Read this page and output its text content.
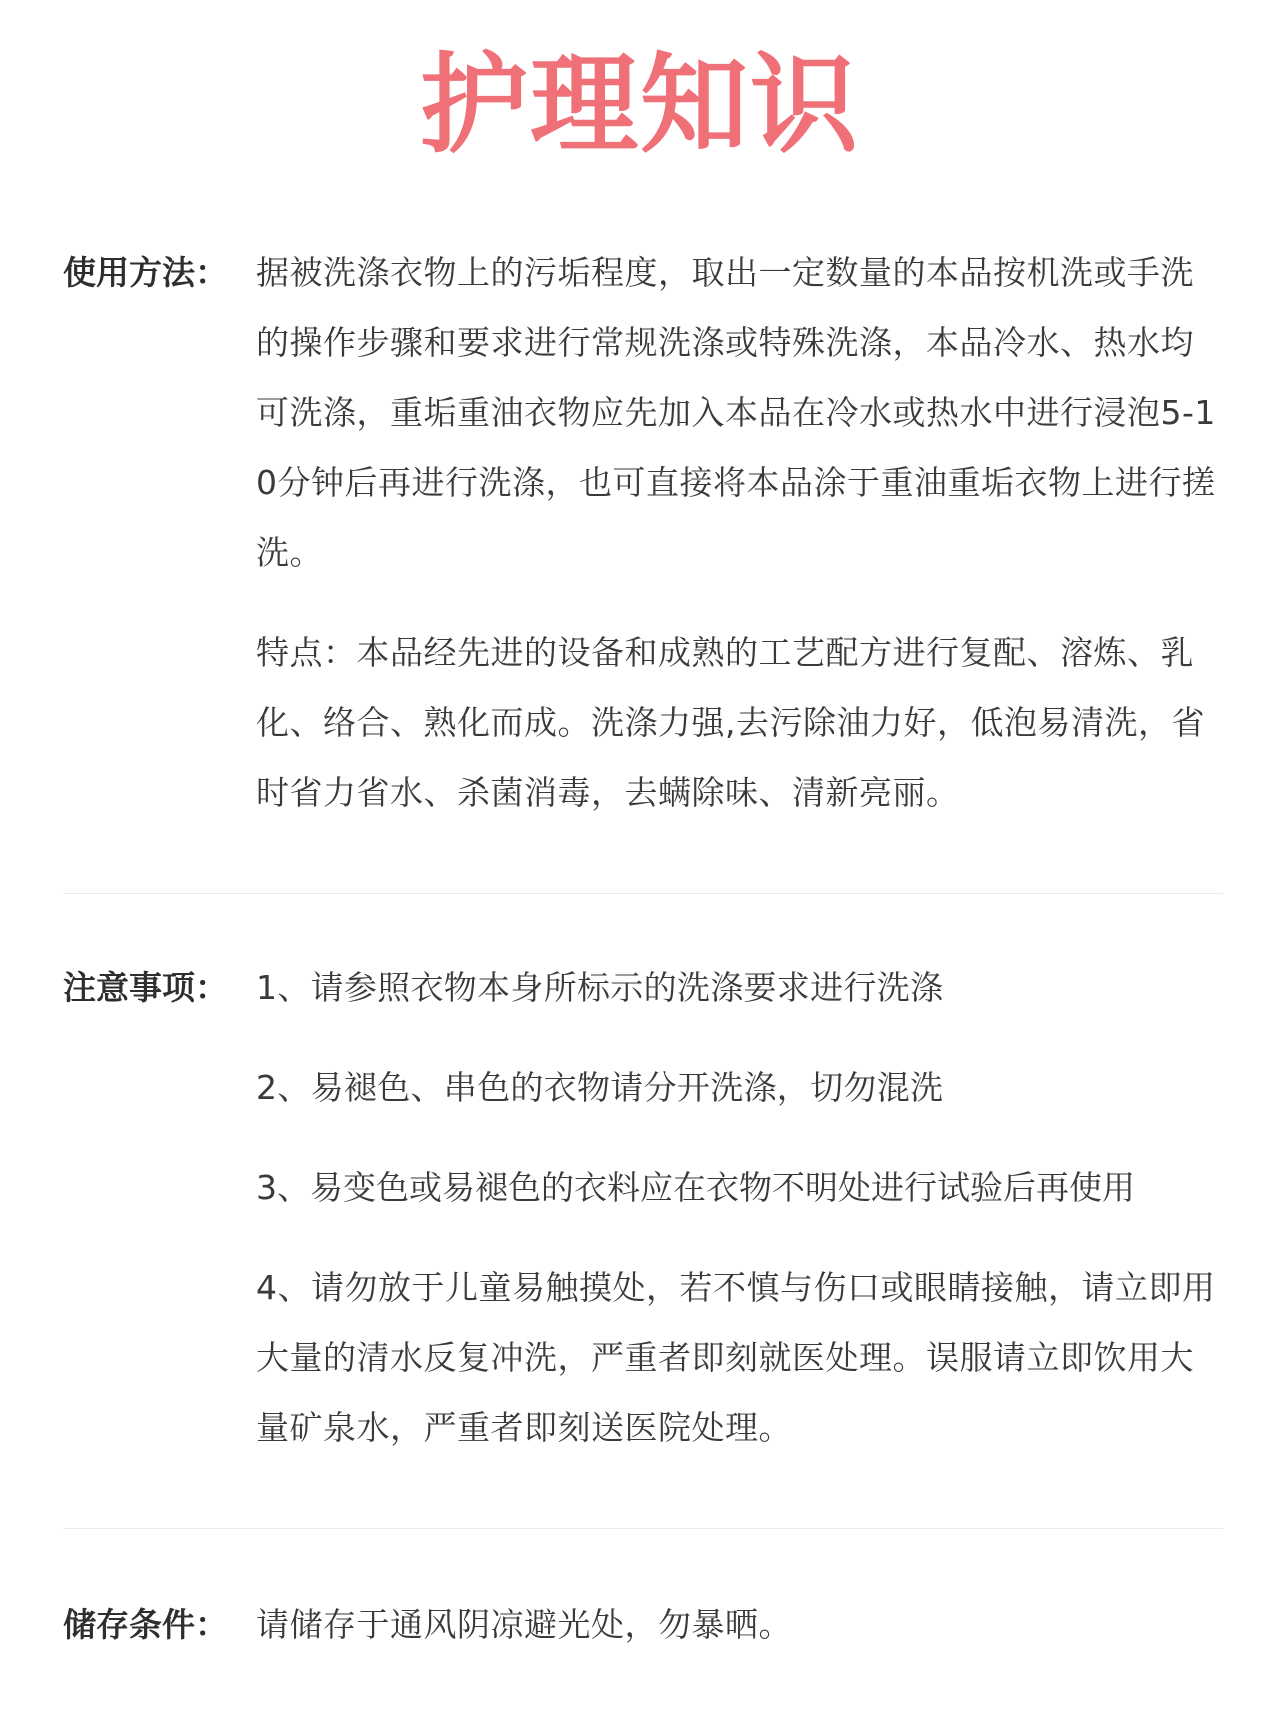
护理知识
使用方法： 据被洗涤衣物上的污垢程度，取出一定数量的本品按机洗或手洗的操作步骤和要求进行常规洗涤或特殊洗涤，本品冷水、热水均可洗涤，重垢重油衣物应先加入本品在冷水或热水中进行浸泡5-10分钟后再进行洗涤，也可直接将本品涂于重油重垢衣物上进行搓洗。

特点：本品经先进的设备和成熟的工艺配方进行复配、溶炼、乳化、络合、熟化而成。洗涤力强,去污除油力好，低泡易清洗，省时省力省水、杀菌消毒，去螨除味、清新亮丽。

注意事项： 1、请参照衣物本身所标示的洗涤要求进行洗涤

2、易褪色、串色的衣物请分开洗涤，切勿混洗

3、易变色或易褪色的衣料应在衣物不明处进行试验后再使用

4、请勿放于儿童易触摸处，若不慎与伤口或眼睛接触，请立即用大量的清水反复冲洗，严重者即刻就医处理。误服请立即饮用大量矿泉水，严重者即刻送医院处理。

储存条件： 请储存于通风阴凉避光处，勿暴晒。
